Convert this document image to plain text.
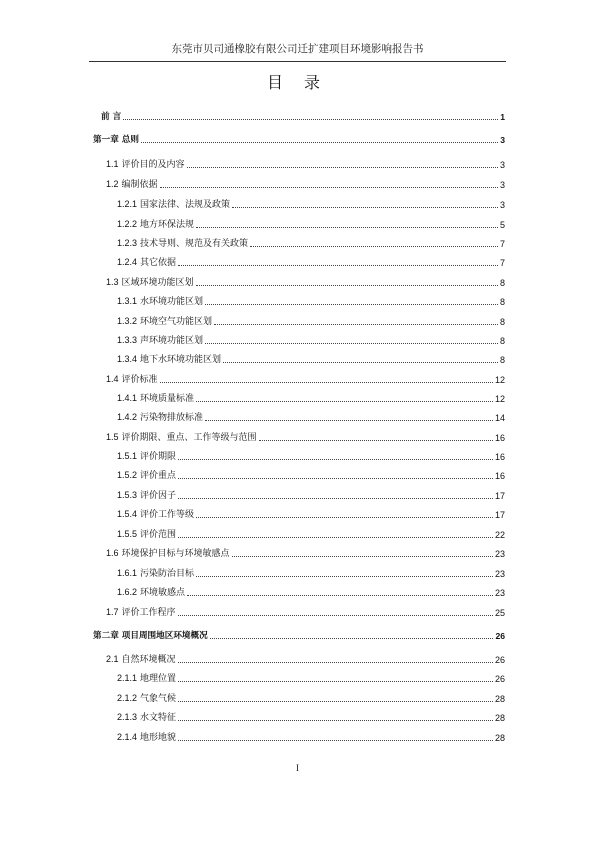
东莞市贝司通橡胶有限公司迁扩建项目环境影响报告书
目 录
前 言	1
第一章 总则	3
1.1 评价目的及内容	3
1.2 编制依据	3
1.2.1 国家法律、法规及政策	3
1.2.2 地方环保法规	5
1.2.3 技术导则、规范及有关政策	7
1.2.4 其它依据	7
1.3 区域环境功能区划	8
1.3.1 水环境功能区划	8
1.3.2 环境空气功能区划	8
1.3.3 声环境功能区划	8
1.3.4 地下水环境功能区划	8
1.4 评价标准	12
1.4.1 环境质量标准	12
1.4.2 污染物排放标准	14
1.5 评价期限、重点、工作等级与范围	16
1.5.1 评价期限	16
1.5.2 评价重点	16
1.5.3 评价因子	17
1.5.4 评价工作等级	17
1.5.5 评价范围	22
1.6 环境保护目标与环境敏感点	23
1.6.1 污染防治目标	23
1.6.2 环境敏感点	23
1.7 评价工作程序	25
第二章 项目周围地区环境概况	26
2.1 自然环境概况	26
2.1.1 地理位置	26
2.1.2 气象气候	28
2.1.3 水文特征	28
2.1.4 地形地貌	28
I
